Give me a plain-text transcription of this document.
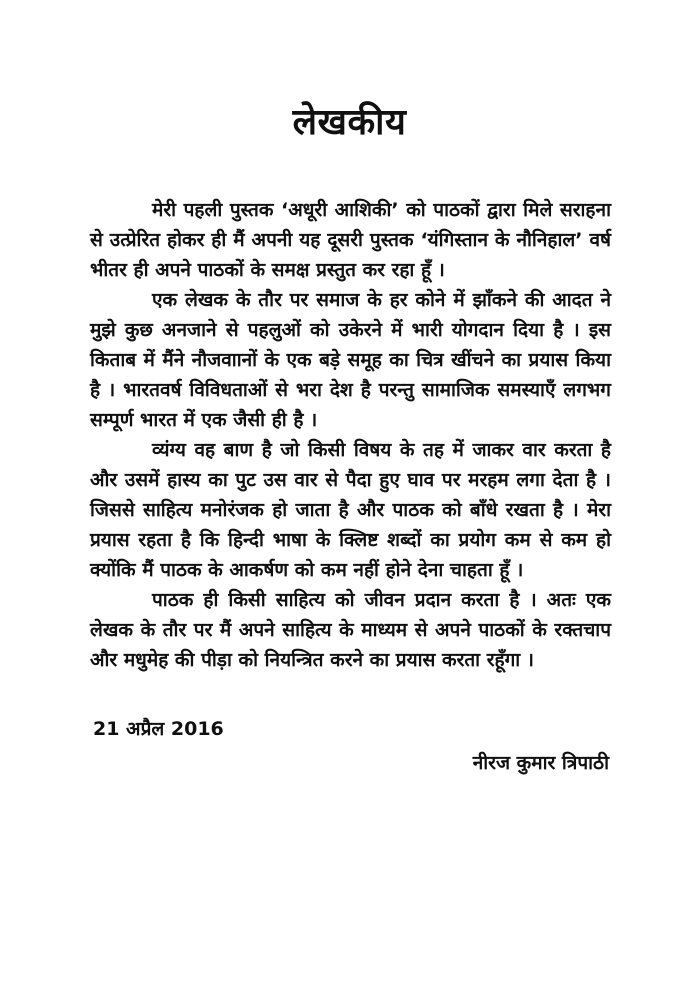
लेखकीय

मेरी पहली पुस्तक ‘अधूरी आशिकी’ को पाठकों द्वारा मिले सराहना से उत्प्रेरित होकर ही मैं अपनी यह दूसरी पुस्तक ‘यंगिस्तान के नौनिहाल’ वर्ष भीतर ही अपने पाठकों के समक्ष प्रस्तुत कर रहा हूँ ।

एक लेखक के तौर पर समाज के हर कोने में झाँकने की आदत ने मुझे कुछ अनजाने से पहलुओं को उकेरने में भारी योगदान दिया है । इस किताब में मैंने नौजवाानों के एक बड़े समूह का चित्र खींचने का प्रयास किया है । भारतवर्ष विविधताओं से भरा देश है परन्तु सामाजिक समस्याएँ लगभग सम्पूर्ण भारत में एक जैसी ही है ।

व्यंग्य वह बाण है जो किसी विषय के तह में जाकर वार करता है और उसमें हास्य का पुट उस वार से पैदा हुए घाव पर मरहम लगा देता है । जिससे साहित्य मनोरंजक हो जाता है और पाठक को बाँधे रखता है । मेरा प्रयास रहता है कि हिन्दी भाषा के क्लिष्ट शब्दों का प्रयोग कम से कम हो क्योंकि मैं पाठक के आकर्षण को कम नहीं होने देना चाहता हूँ ।

पाठक ही किसी साहित्य को जीवन प्रदान करता है । अतः एक लेखक के तौर पर मैं अपने साहित्य के माध्यम से अपने पाठकों के रक्तचाप और मधुमेह की पीड़ा को नियन्त्रित करने का प्रयास करता रहूँगा ।

21 अप्रैल 2016
नीरज कुमार त्रिपाठी
